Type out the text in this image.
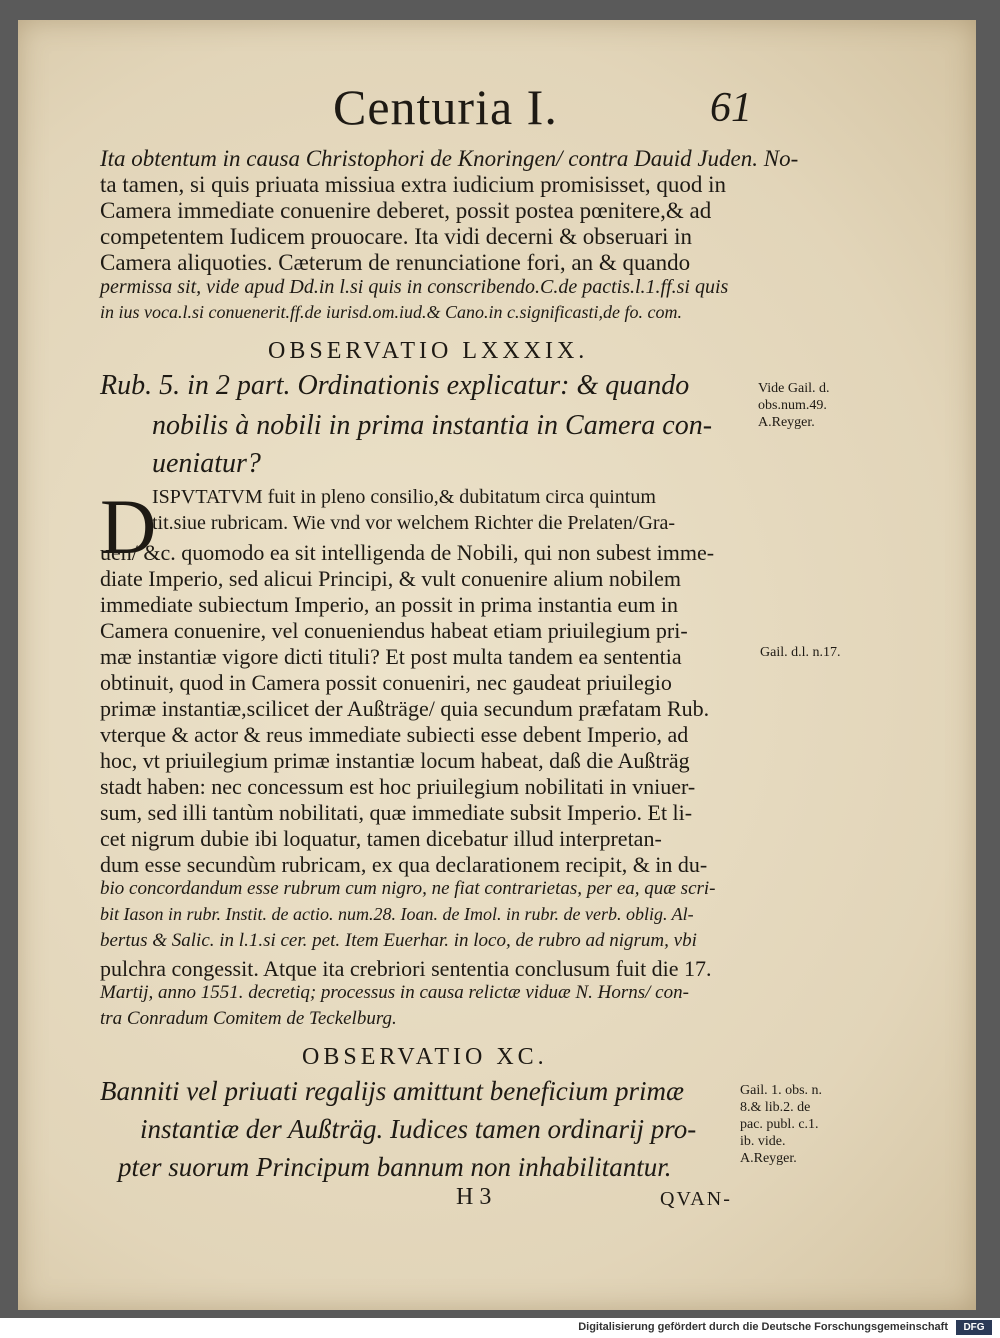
Centuria I.	61
Ita obtentum in causa Christophori de Knoringen/ contra Dauid Juden. No-
ta tamen, si quis priuata missiua extra iudicium promisisset, quod in
Camera immediate conuenire deberet, possit postea pœnitere,& ad
competentem Iudicem prouocare. Ita vidi decerni & obseruari in
Camera aliquoties. Cæterum de renunciatione fori, an & quando
permissa sit, vide apud Dd.in l.si quis in conscribendo.C.de pactis.l.1.ff.si quis
in ius voca.l.si conuenerit.ff.de iurisd.om.iud.& Cano.in c.significasti,de fo. com.
OBSERVATIO LXXXIX.
Rub. 5. in 2 part. Ordinationis explicatur: & quando
nobilis à nobili in prima instantia in Camera con-
ueniatur?
Vide Gail. d.
obs.num.49.
A.Reyger.
D
ISPVTATVM fuit in pleno consilio,& dubitatum circa quintum
tit.siue rubricam. Wie vnd vor welchem Richter die Prelaten/Gra-
uen/ &c. quomodo ea sit intelligenda de Nobili, qui non subest imme-
diate Imperio, sed alicui Principi, & vult conuenire alium nobilem
immediate subiectum Imperio, an possit in prima instantia eum in
Camera conuenire, vel conueniendus habeat etiam priuilegium pri-
mæ instantiæ vigore dicti tituli? Et post multa tandem ea sententia
obtinuit, quod in Camera possit conueniri, nec gaudeat priuilegio
primæ instantiæ,scilicet der Außträge/ quia secundum præfatam Rub.
vterque & actor & reus immediate subiecti esse debent Imperio, ad
hoc, vt priuilegium primæ instantiæ locum habeat, daß die Außträg
stadt haben: nec concessum est hoc priuilegium nobilitati in vniuer-
sum, sed illi tantùm nobilitati, quæ immediate subsit Imperio. Et li-
cet nigrum dubie ibi loquatur, tamen dicebatur illud interpretan-
dum esse secundùm rubricam, ex qua declarationem recipit, & in du-
bio concordandum esse rubrum cum nigro, ne fiat contrarietas, per ea, quæ scri-
bit Iason in rubr. Instit. de actio. num.28. Ioan. de Imol. in rubr. de verb. oblig. Al-
bertus & Salic. in l.1.si cer. pet. Item Euerhar. in loco, de rubro ad nigrum, vbi
pulchra congessit. Atque ita crebriori sententia conclusum fuit die 17.
Martij, anno 1551. decretiq; processus in causa relictæ viduæ N. Horns/ con-
tra Conradum Comitem de Teckelburg.
Gail. d.l. n.17.
OBSERVATIO XC.
Banniti vel priuati regalijs amittunt beneficium primæ
instantiæ der Außträg. Iudices tamen ordinarij pro-
pter suorum Principum bannum non inhabilitantur.
Gail. 1. obs. n.
8.& lib.2. de
pac. publ. c.1.
ib. vide.
A.Reyger.
H 3	QVAN-
Digitalisierung gefördert durch die Deutsche Forschungsgemeinschaft	DFG
